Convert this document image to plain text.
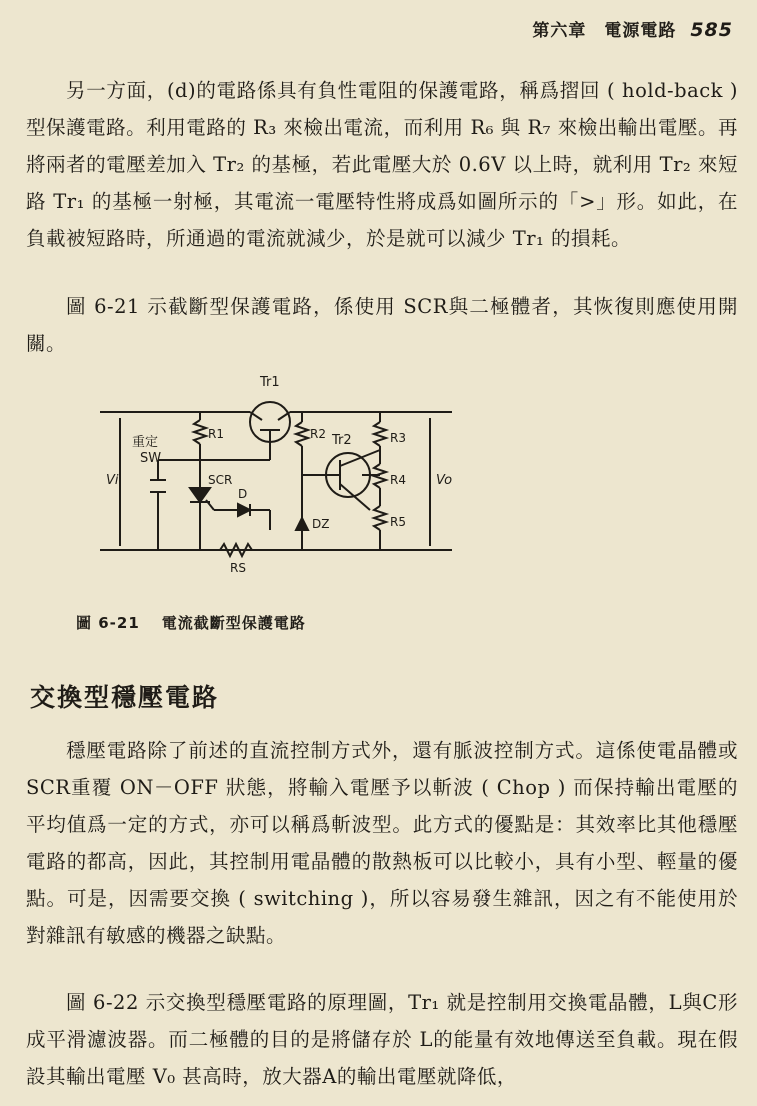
第六章　電源電路 585

另一方面，(d)的電路係具有負性電阻的保護電路，稱爲摺回 ( hold-back ) 型保護電路。利用電路的 R₃ 來檢出電流，而利用 R₆ 與 R₇ 來檢出輸出電壓。再將兩者的電壓差加入 Tr₂ 的基極，若此電壓大於 0.6V 以上時，就利用 Tr₂ 來短路 Tr₁ 的基極一射極，其電流一電壓特性將成爲如圖所示的「>」形。如此，在負載被短路時，所通過的電流就減少，於是就可以減少 Tr₁ 的損耗。

圖 6-21 示截斷型保護電路，係使用 SCR與二極體者，其恢復則應使用開關。

Tr1
R1	R2 Tr2	R3
R4
R5
RS
重定
SW
SCR
D
DZ
Vi	Vo
圖 6-21 電流截斷型保護電路
交換型穩壓電路

穩壓電路除了前述的直流控制方式外，還有脈波控制方式。這係使電晶體或SCR重覆 ON－OFF 狀態，將輸入電壓予以斬波 ( Chop ) 而保持輸出電壓的平均值爲一定的方式，亦可以稱爲斬波型。此方式的優點是：其效率比其他穩壓電路的都高，因此，其控制用電晶體的散熱板可以比較小，具有小型、輕量的優點。可是，因需要交換 ( switching )，所以容易發生雜訊，因之有不能使用於對雜訊有敏感的機器之缺點。

圖 6-22 示交換型穩壓電路的原理圖，Tr₁ 就是控制用交換電晶體，L與C形成平滑濾波器。而二極體的目的是將儲存於 L的能量有效地傳送至負載。現在假設其輸出電壓 V₀ 甚高時，放大器A的輸出電壓就降低，
